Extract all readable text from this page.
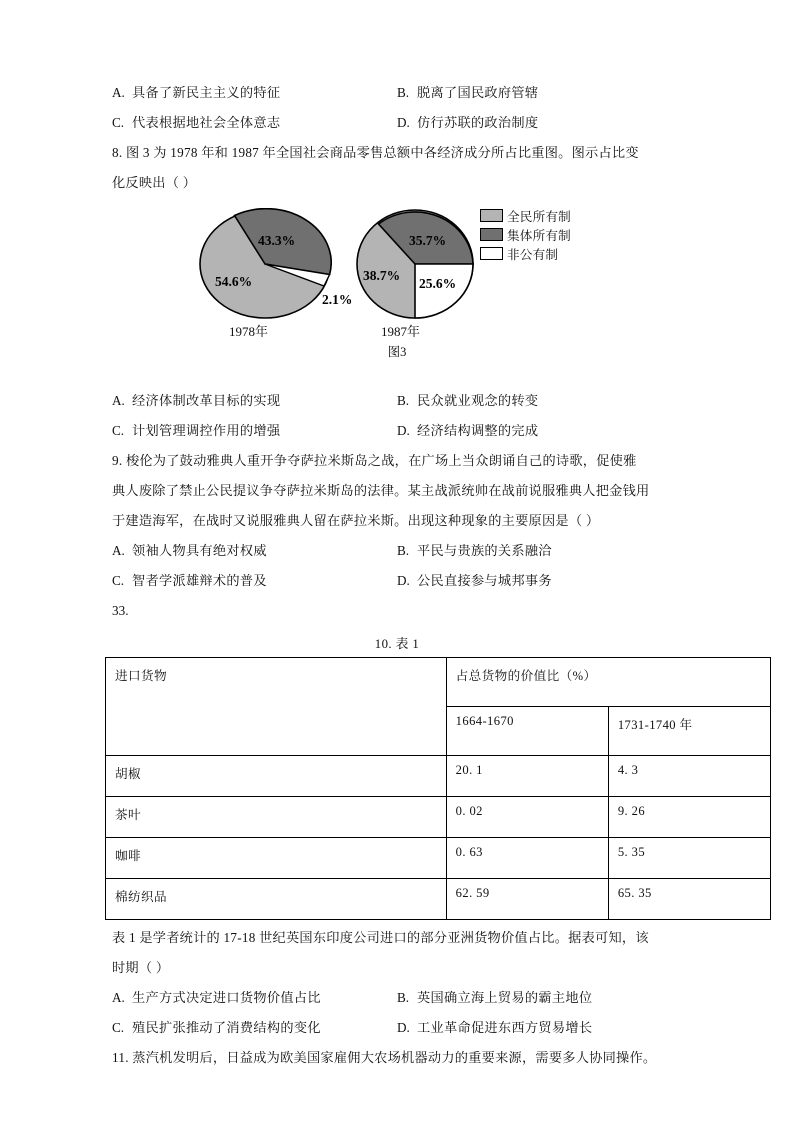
A. 具备了新民主主义的特征	B. 脱离了国民政府管辖
C. 代表根据地社会全体意志	D. 仿行苏联的政治制度
8. 图 3 为 1978 年和 1987 年全国社会商品零售总额中各经济成分所占比重图。图示占比变
化反映出（ ）
43.3%
54.6%
2.1%
1978年
35.7%
38.7%
25.6%
1987年
全民所有制
集体所有制
非公有制
图3
A. 经济体制改革目标的实现	B. 民众就业观念的转变
C. 计划管理调控作用的增强	D. 经济结构调整的完成
9. 梭伦为了鼓动雅典人重开争夺萨拉米斯岛之战，在广场上当众朗诵自己的诗歌，促使雅
典人废除了禁止公民提议争夺萨拉米斯岛的法律。某主战派统帅在战前说服雅典人把金钱用
于建造海军，在战时又说服雅典人留在萨拉米斯。出现这种现象的主要原因是（ ）
A. 领袖人物具有绝对权威	B. 平民与贵族的关系融洽
C. 智者学派雄辩术的普及	D. 公民直接参与城邦事务
33.
10. 表 1
进口货物	占总货物的价值比（%）	
	1664-1670	1731-1740 年
胡椒	20. 1	4. 3
茶叶	0. 02	9. 26
咖啡	0. 63	5. 35
棉纺织品	62. 59	65. 35
表 1 是学者统计的 17-18 世纪英国东印度公司进口的部分亚洲货物价值占比。据表可知，该
时期（ ）
A. 生产方式决定进口货物价值占比	B. 英国确立海上贸易的霸主地位
C. 殖民扩张推动了消费结构的变化	D. 工业革命促进东西方贸易增长
11. 蒸汽机发明后，日益成为欧美国家雇佣大农场机器动力的重要来源，需要多人协同操作。
